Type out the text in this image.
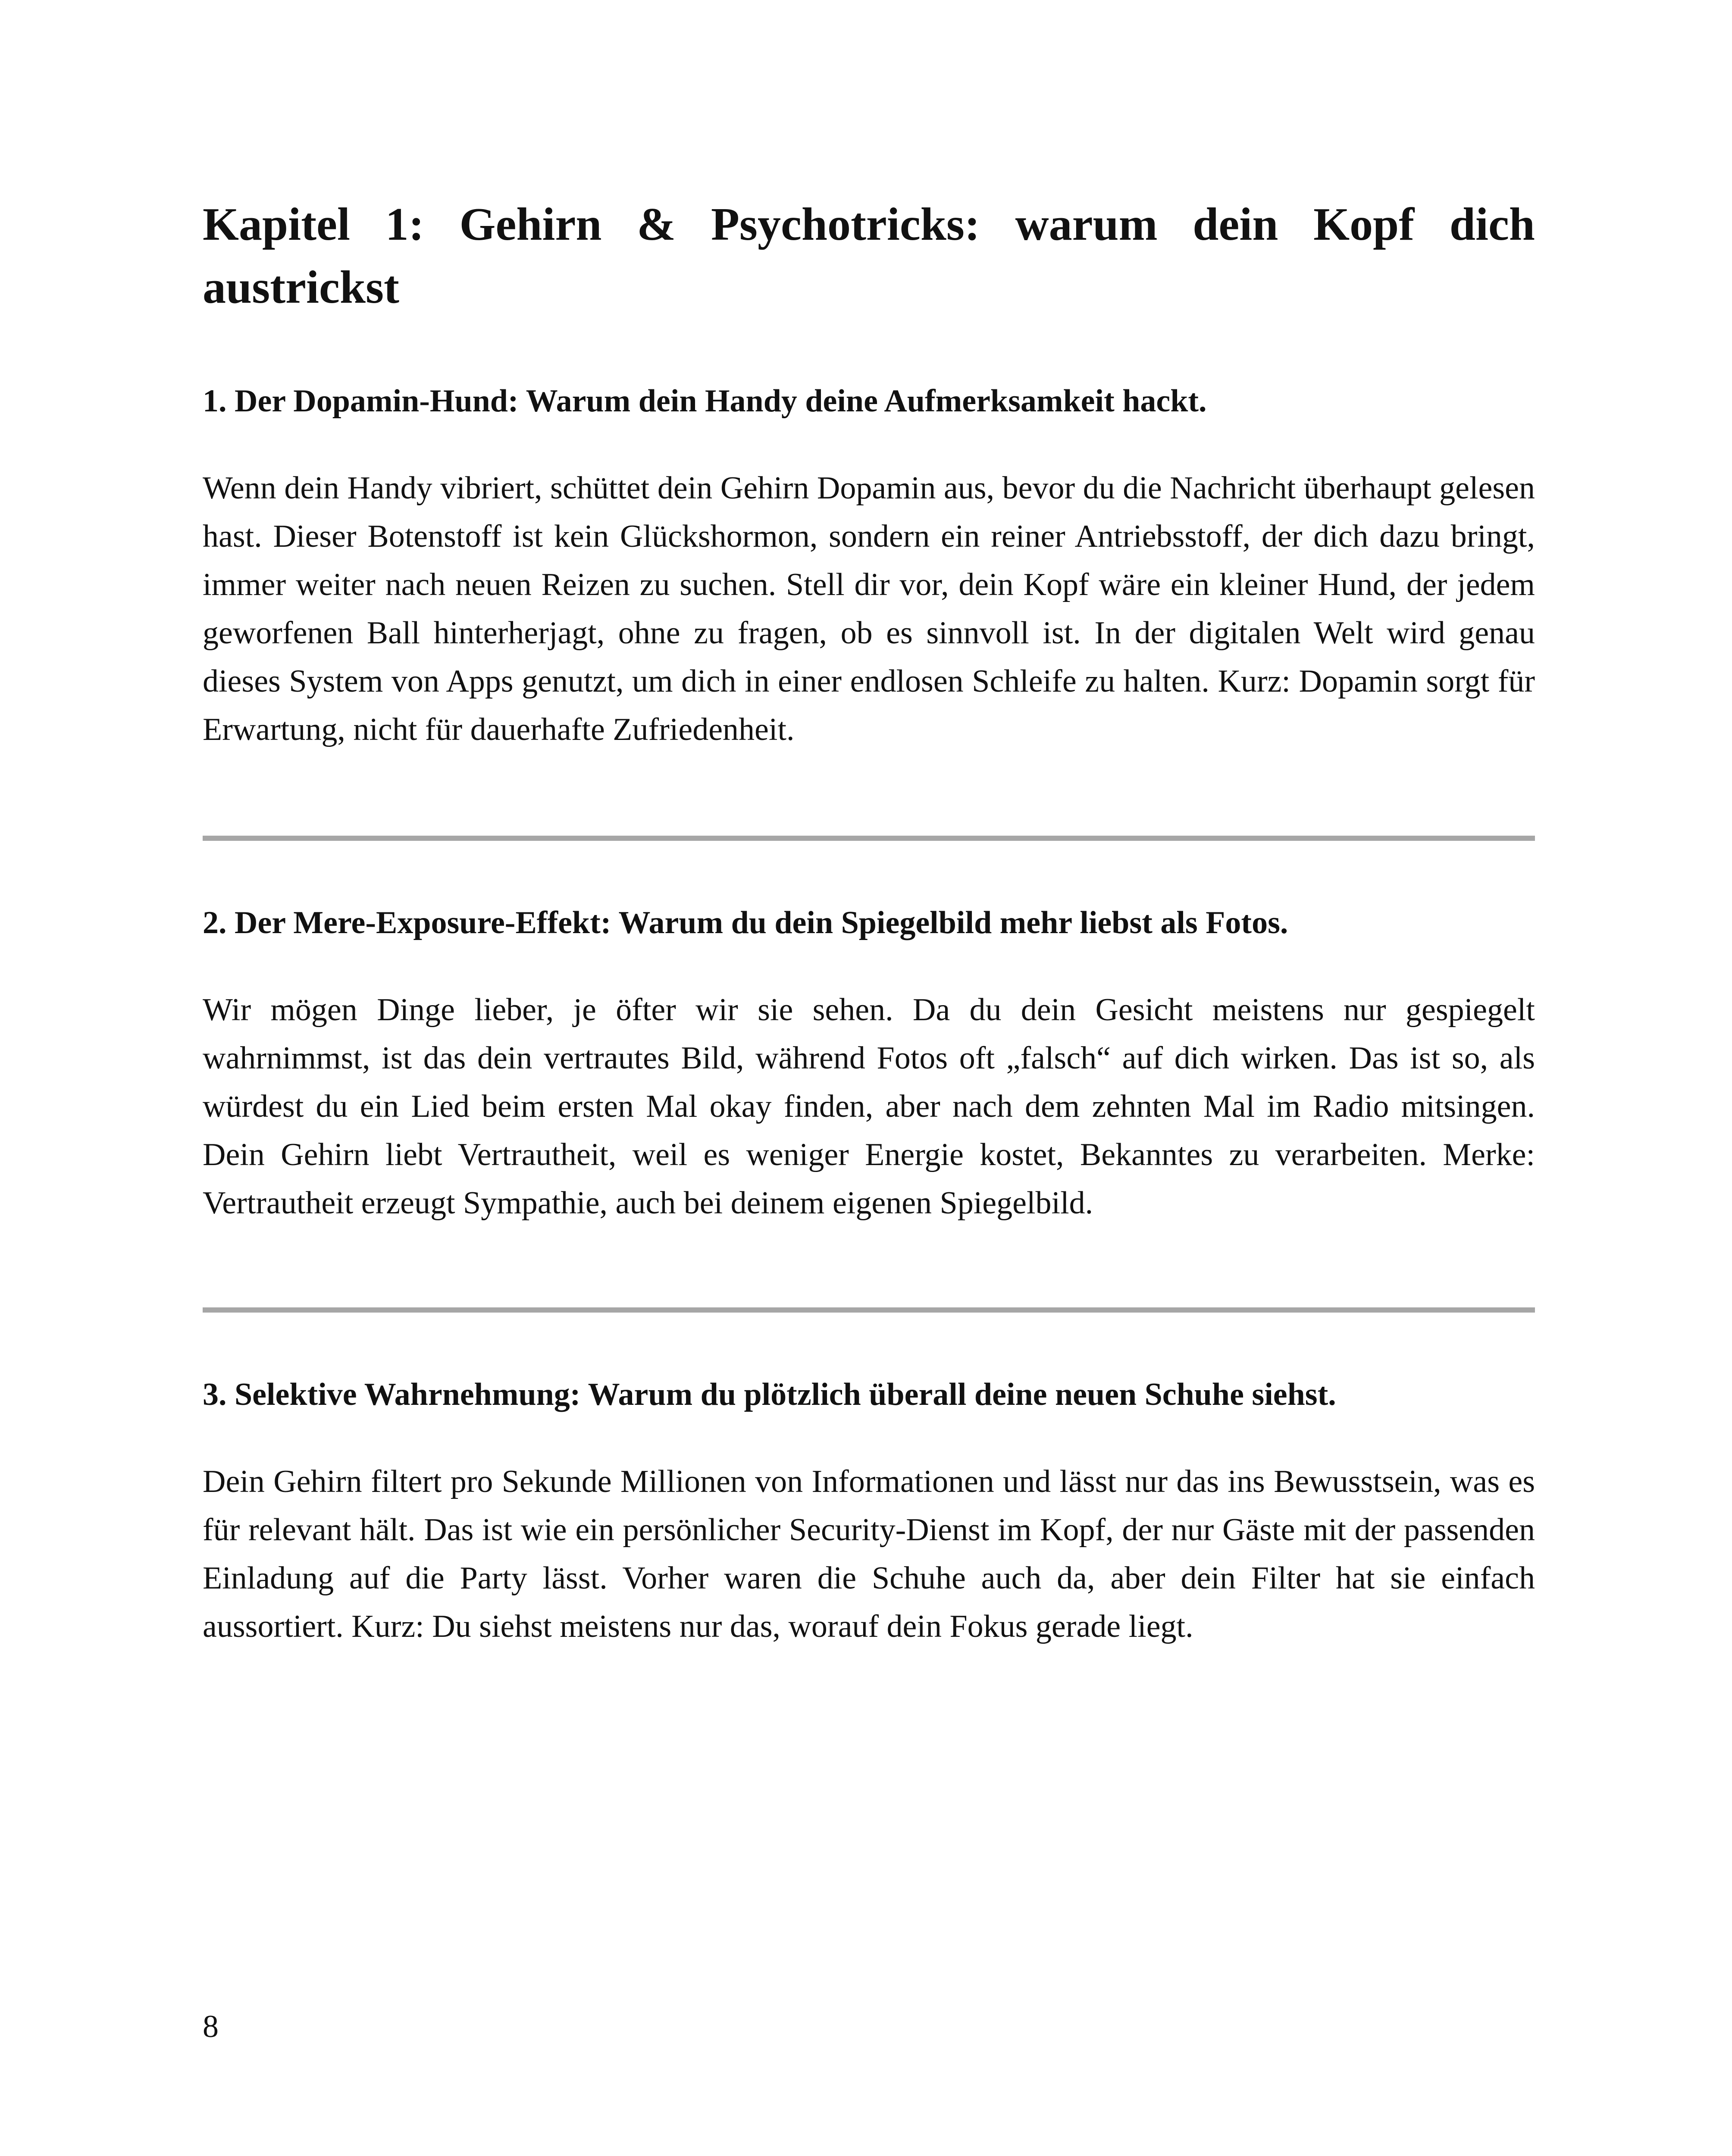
Kapitel 1: Gehirn & Psychotricks: warum dein Kopf dich austrickst
1. Der Dopamin-Hund: Warum dein Handy deine Aufmerksamkeit hackt.

Wenn dein Handy vibriert, schüttet dein Gehirn Dopamin aus, bevor du die Nachricht überhaupt gelesen hast. Dieser Botenstoff ist kein Glückshormon, sondern ein reiner Antriebsstoff, der dich dazu bringt, immer weiter nach neuen Reizen zu suchen. Stell dir vor, dein Kopf wäre ein kleiner Hund, der jedem geworfenen Ball hinterherjagt, ohne zu fragen, ob es sinnvoll ist. In der digitalen Welt wird genau dieses System von Apps genutzt, um dich in einer endlosen Schleife zu halten. Kurz: Dopamin sorgt für Erwartung, nicht für dauerhafte Zufriedenheit.

2. Der Mere-Exposure-Effekt: Warum du dein Spiegelbild mehr liebst als Fotos.

Wir mögen Dinge lieber, je öfter wir sie sehen. Da du dein Gesicht meistens nur gespiegelt wahrnimmst, ist das dein vertrautes Bild, während Fotos oft „falsch“ auf dich wirken. Das ist so, als würdest du ein Lied beim ersten Mal okay finden, aber nach dem zehnten Mal im Radio mitsingen. Dein Gehirn liebt Vertrautheit, weil es weniger Energie kostet, Bekanntes zu verarbeiten. Merke: Vertrautheit erzeugt Sympathie, auch bei deinem eigenen Spiegelbild.

3. Selektive Wahrnehmung: Warum du plötzlich überall deine neuen Schuhe siehst.

Dein Gehirn filtert pro Sekunde Millionen von Informationen und lässt nur das ins Bewusstsein, was es für relevant hält. Das ist wie ein persönlicher Security-Dienst im Kopf, der nur Gäste mit der passenden Einladung auf die Party lässt. Vorher waren die Schuhe auch da, aber dein Filter hat sie einfach aussortiert. Kurz: Du siehst meistens nur das, worauf dein Fokus gerade liegt.

8
